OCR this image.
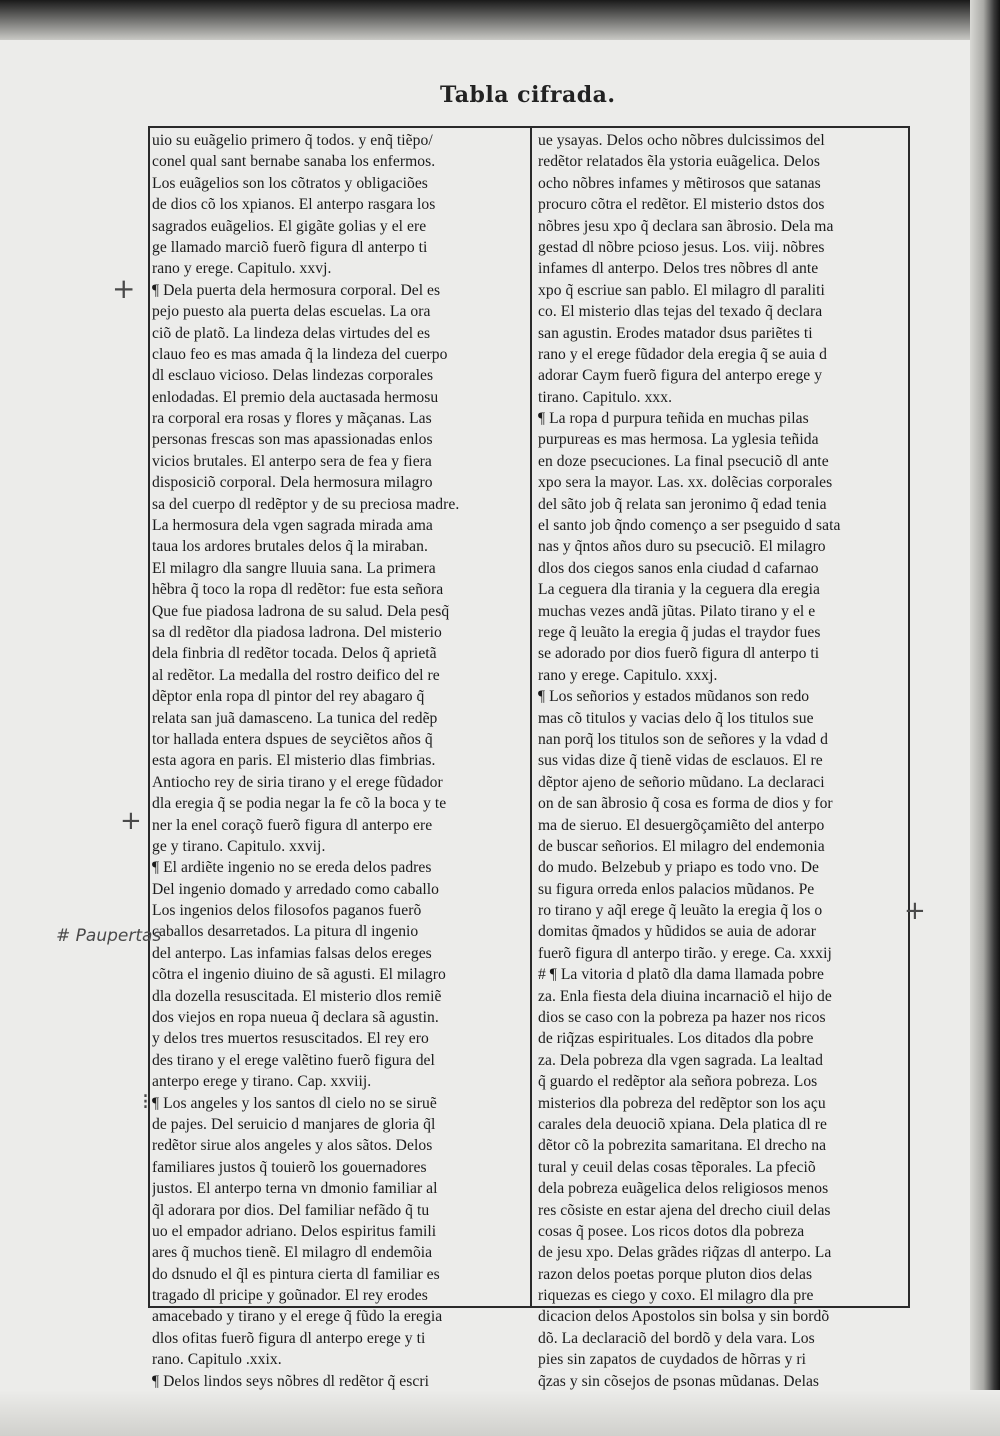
Tabla cifrada.
uio su euãgelio primero q̃ todos. y enq̃ tiẽpo/
conel qual sant bernabe sanaba los enfermos.
Los euãgelios son los cõtratos y obligaciões
de dios cõ los xpianos. El anterpo rasgara los
sagrados euãgelios. El gigãte golias y el ere
ge llamado marciõ fuerõ figura dl anterpo ti
rano y erege. Capitulo. xxvj.
¶ Dela puerta dela hermosura corporal. Del es
pejo puesto ala puerta delas escuelas. La ora
ciõ de platõ. La lindeza delas virtudes del es
clauo feo es mas amada q̃ la lindeza del cuerpo
dl esclauo vicioso. Delas lindezas corporales
enlodadas. El premio dela auctasada hermosu
ra corporal era rosas y flores y mãçanas. Las
personas frescas son mas apassionadas enlos
vicios brutales. El anterpo sera de fea y fiera
disposiciõ corporal. Dela hermosura milagro
sa del cuerpo dl redẽptor y de su preciosa madre.
La hermosura dela vgen sagrada mirada ama
taua los ardores brutales delos q̃ la miraban.
El milagro dla sangre lluuia sana. La primera
hẽbra q̃ toco la ropa dl redẽtor: fue esta señora
Que fue piadosa ladrona de su salud. Dela pesq̃
sa dl redẽtor dla piadosa ladrona. Del misterio
dela finbria dl redẽtor tocada. Delos q̃ aprietã
al redẽtor. La medalla del rostro deifico del re
dẽptor enla ropa dl pintor del rey abagaro q̃
relata san juã damasceno. La tunica del redẽp
tor hallada entera dspues de seyciẽtos años q̃
esta agora en paris. El misterio dlas fimbrias.
Antiocho rey de siria tirano y el erege fũdador
dla eregia q̃ se podia negar la fe cõ la boca y te
ner la enel coraçõ fuerõ figura dl anterpo ere
ge y tirano. Capitulo. xxvij.
¶ El ardiẽte ingenio no se ereda delos padres
Del ingenio domado y arredado como caballo
Los ingenios delos filosofos paganos fuerõ
caballos desarretados. La pitura dl ingenio
del anterpo. Las infamias falsas delos ereges
cõtra el ingenio diuino de sã agusti. El milagro
dla dozella resuscitada. El misterio dlos remiẽ
dos viejos en ropa nueua q̃ declara sã agustin.
y delos tres muertos resuscitados. El rey ero
des tirano y el erege valẽtino fuerõ figura del
anterpo erege y tirano. Cap. xxviij.
¶ Los angeles y los santos dl cielo no se siruẽ
de pajes. Del seruicio d manjares de gloria q̃l
redẽtor sirue alos angeles y alos sãtos. Delos
familiares justos q̃ touierõ los gouernadores
justos. El anterpo terna vn dmonio familiar al
q̃l adorara por dios. Del familiar nefãdo q̃ tu
uo el empador adriano. Delos espiritus famili
ares q̃ muchos tienẽ. El milagro dl endemõia
do dsnudo el q̃l es pintura cierta dl familiar es
tragado dl pricipe y goũnador. El rey erodes
amacebado y tirano y el erege q̃ fũdo la eregia
dlos ofitas fuerõ figura dl anterpo erege y ti
rano. Capitulo .xxix.
¶ Delos lindos seys nõbres dl redẽtor q̃ escri
ue ysayas. Delos ocho nõbres dulcissimos del
redẽtor relatados ẽla ystoria euãgelica. Delos
ocho nõbres infames y mẽtirosos que satanas
procuro cõtra el redẽtor. El misterio dstos dos
nõbres jesu xpo q̃ declara san ãbrosio. Dela ma
gestad dl nõbre pcioso jesus. Los. viij. nõbres
infames dl anterpo. Delos tres nõbres dl ante
xpo q̃ escriue san pablo. El milagro dl paraliti
co. El misterio dlas tejas del texado q̃ declara
san agustin. Erodes matador dsus pariẽtes ti
rano y el erege fũdador dela eregia q̃ se auia d
adorar Caym fuerõ figura del anterpo erege y
tirano. Capitulo. xxx.
¶ La ropa d purpura teñida en muchas pilas
purpureas es mas hermosa. La yglesia teñida
en doze psecuciones. La final psecuciõ dl ante
xpo sera la mayor. Las. xx. dolẽcias corporales
del sãto job q̃ relata san jeronimo q̃ edad tenia
el santo job q̃ndo començo a ser pseguido d sata
nas y q̃ntos años duro su psecuciõ. El milagro
dlos dos ciegos sanos enla ciudad d cafarnao
La ceguera dla tirania y la ceguera dla eregia
muchas vezes andã jũtas. Pilato tirano y el e
rege q̃ leuãto la eregia q̃ judas el traydor fues
se adorado por dios fuerõ figura dl anterpo ti
rano y erege. Capitulo. xxxj.
¶ Los señorios y estados mũdanos son redo
mas cõ titulos y vacias delo q̃ los titulos sue
nan porq̃ los titulos son de señores y la vdad d
sus vidas dize q̃ tienẽ vidas de esclauos. El re
dẽptor ajeno de señorio mũdano. La declaraci
on de san ãbrosio q̃ cosa es forma de dios y for
ma de sieruo. El desuergõçamiẽto del anterpo
de buscar señorios. El milagro del endemonia
do mudo. Belzebub y priapo es todo vno. De
su figura orreda enlos palacios mũdanos. Pe
ro tirano y aq̃l erege q̃ leuãto la eregia q̃ los o
domitas q̃mados y hũdidos se auia de adorar
fuerõ figura dl anterpo tirão. y erege. Ca. xxxij
# ¶ La vitoria d platõ dla dama llamada pobre
za. Enla fiesta dela diuina incarnaciõ el hijo de
dios se caso con la pobreza pa hazer nos ricos
de riq̃zas espirituales. Los ditados dla pobre
za. Dela pobreza dla vgen sagrada. La lealtad
q̃ guardo el redẽptor ala señora pobreza. Los
misterios dla pobreza del redẽptor son los açu
carales dela deuociõ xpiana. Dela platica dl re
dẽtor cõ la pobrezita samaritana. El drecho na
tural y ceuil delas cosas tẽporales. La pfeciõ
dela pobreza euãgelica delos religiosos menos
res cõsiste en estar ajena del drecho ciuil delas
cosas q̃ posee. Los ricos dotos dla pobreza
de jesu xpo. Delas grãdes riq̃zas dl anterpo. La
razon delos poetas porque pluton dios delas
riquezas es ciego y coxo. El milagro dla pre
dicacion delos Apostolos sin bolsa y sin bordõ
dõ. La declaraciõ del bordõ y dela vara. Los
pies sin zapatos de cuydados de hõrras y ri
q̃zas y sin cõsejos de psonas mũdanas. Delas
+
+
# Paupertas
⁝
+
